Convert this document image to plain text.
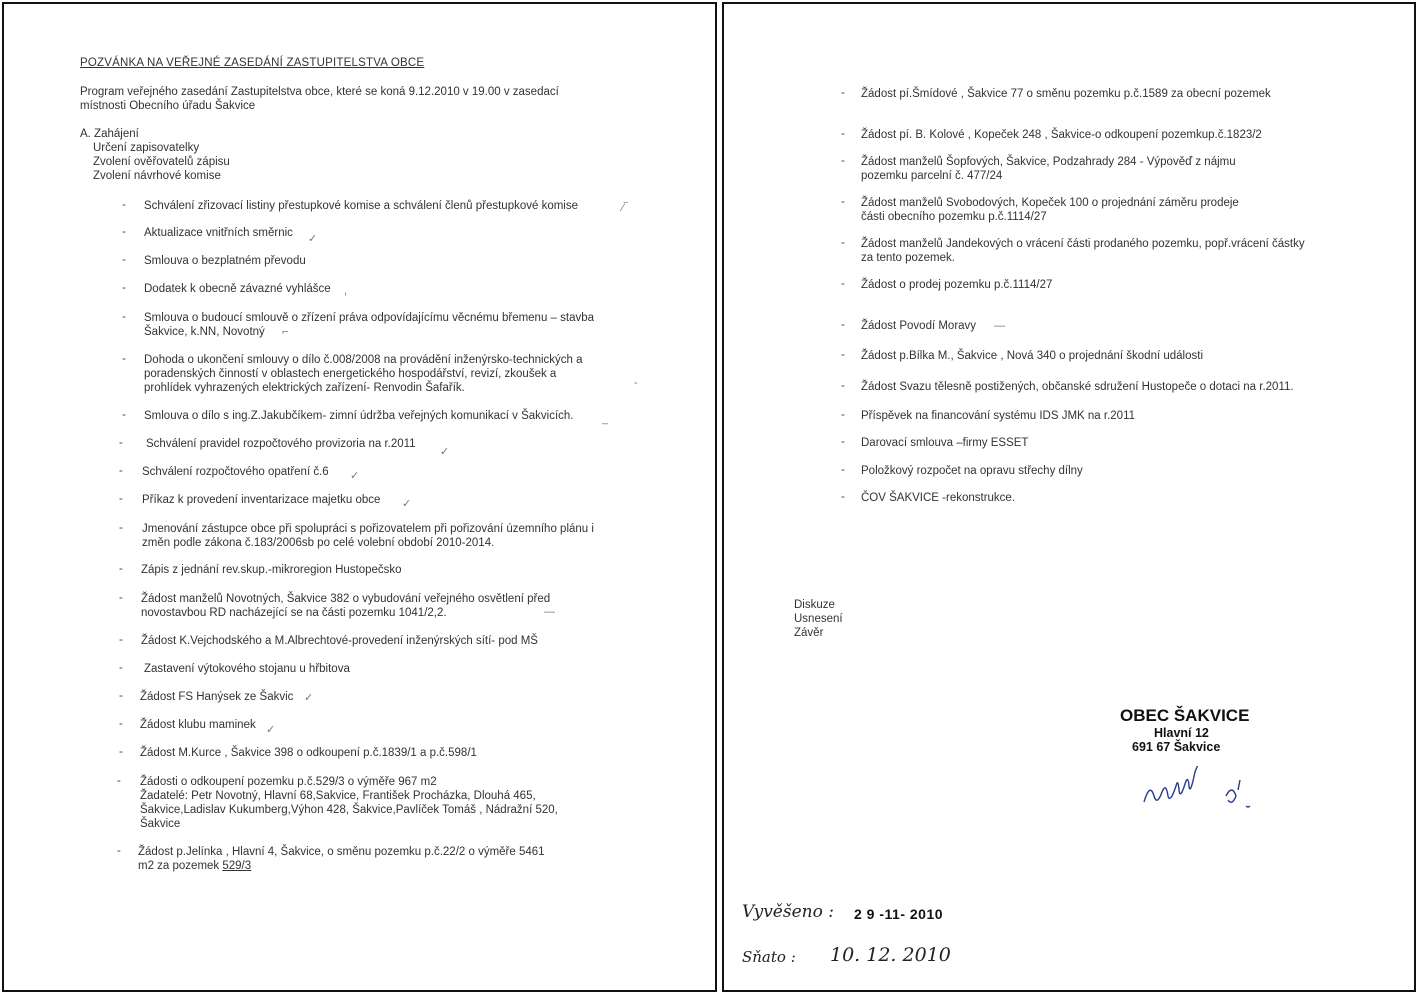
POZVÁNKA NA VEŘEJNÉ ZASEDÁNÍ ZASTUPITELSTVA OBCE
Program veřejného zasedání Zastupitelstva obce, které se koná 9.12.2010 v 19.00 v zasedací
místnosti Obecního úřadu Šakvice
A. Zahájení
Určení zapisovatelky
Zvolení ověřovatelů zápisu
Zvolení návrhové komise
- Schválení zřizovací listiny přestupkové komise a schválení členů přestupkové komise
- Aktualizace vnitřních směrnic
- Smlouva o bezplatném převodu
- Dodatek k obecně závazné vyhlášce
- Smlouva o budoucí smlouvě o zřízení práva odpovídajícímu věcnému břemenu – stavba
Šakvice, k.NN, Novotný
- Dohoda o ukončení smlouvy o dílo č.008/2008 na provádění inženýrsko-technických a
poradenských činností v oblastech energetického hospodářství, revizí, zkoušek a
prohlídek vyhrazených elektrických zařízení- Renvodin Šafařík.
- Smlouva o dílo s ing.Z.Jakubčíkem- zimní údržba veřejných komunikací v Šakvicích.
- Schválení pravidel rozpočtového provizoria na r.2011
- Schválení rozpočtového opatření č.6
- Příkaz k provedení inventarizace majetku obce
- Jmenování zástupce obce při spolupráci s pořizovatelem při pořizování územního plánu i
změn podle zákona č.183/2006sb po celé volební období 2010-2014.
- Zápis z jednání rev.skup.-mikroregion Hustopečsko
- Žádost manželů Novotných, Šakvice 382 o vybudování veřejného osvětlení před
novostavbou RD nacházející se na části pozemku 1041/2,2.
- Žádost K.Vejchodského a M.Albrechtové-provedení inženýrských sítí- pod MŠ
- Zastavení výtokového stojanu u hřbitova
- Žádost FS Hanýsek ze Šakvic
- Žádost klubu maminek
- Žádost M.Kurce , Šakvice 398 o odkoupení p.č.1839/1 a p.č.598/1
- Žádosti o odkoupení pozemku p.č.529/3 o výměře 967 m2
Žadatelé: Petr Novotný, Hlavní 68,Sakvice, František Procházka, Dlouhá 465,
Šakvice,Ladislav Kukumberg,Výhon 428, Šakvice,Pavlíček Tomáš , Nádražní 520,
Šakvice
- Žádost p.Jelínka , Hlavní 4, Šakvice, o směnu pozemku p.č.22/2 o výměře 5461
m2 za pozemek 529/3
⁄‾
✓
,
⌐
-
_
✓
✓
✓
—
✓
✓
- Žádost pí.Šmídové , Šakvice 77 o směnu pozemku p.č.1589 za obecní pozemek
- Žádost pí. B. Kolové , Kopeček 248 , Šakvice-o odkoupení pozemkup.č.1823/2
- Žádost manželů Šopfových, Šakvice, Podzahrady 284 - Výpověď z nájmu
pozemku parcelní č. 477/24
- Žádost manželů Svobodových, Kopeček 100 o projednání záměru prodeje
části obecního pozemku p.č.1114/27
- Žádost manželů Jandekových o vrácení části prodaného pozemku, popř.vrácení částky
za tento pozemek.
- Žádost o prodej pozemku p.č.1114/27
- Žádost Povodí Moravy
- Žádost p.Bílka M., Šakvice , Nová 340 o projednání škodní události
- Žádost Svazu tělesně postižených, občanské sdružení Hustopeče o dotaci na r.2011.
- Příspěvek na financování systému IDS JMK na r.2011
- Darovací smlouva –firmy ESSET
- Položkový rozpočet na opravu střechy dílny
- ČOV ŠAKVICE -rekonstrukce.
—
Diskuze
Usnesení
Závěr
OBEC ŠAKVICE
Hlavní 12
691 67 Šakvice
Vyvěšeno : 2 9 -11- 2010
Sňato : 10. 12. 2010
